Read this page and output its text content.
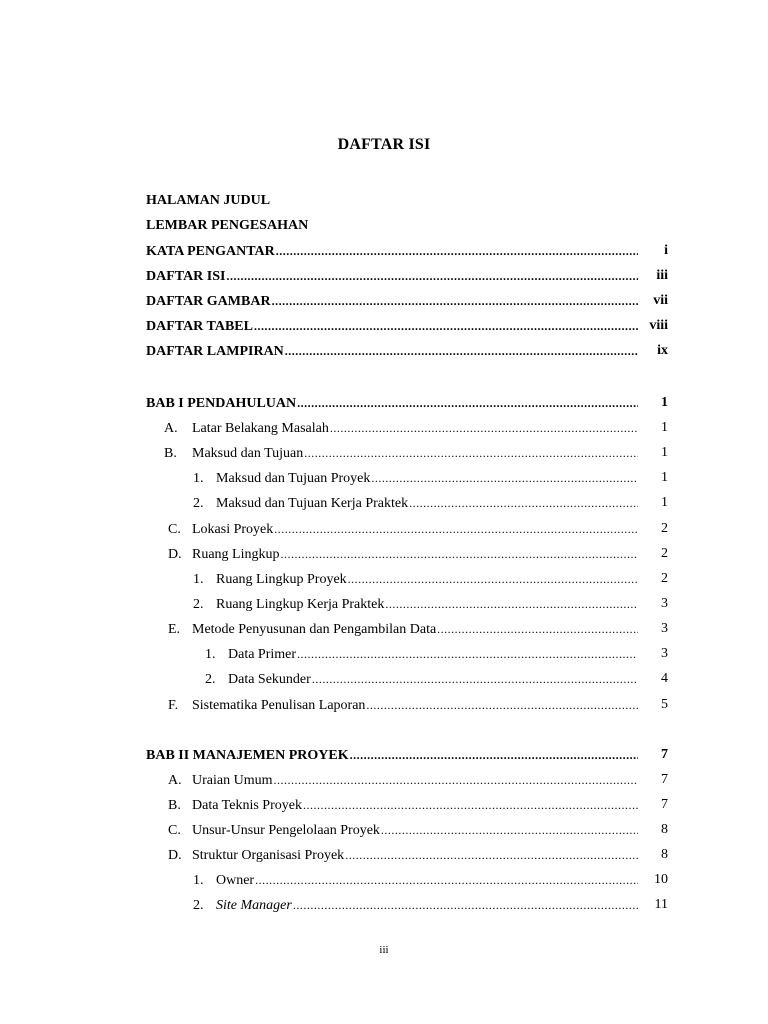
DAFTAR ISI
HALAMAN JUDUL
LEMBAR PENGESAHAN
KATA PENGANTAR .....	i
DAFTAR ISI .....	iii
DAFTAR GAMBAR .....	vii
DAFTAR TABEL .....	viii
DAFTAR LAMPIRAN .....	ix
BAB I PENDAHULUAN .....	1
A.	Latar Belakang Masalah .....	1
B.	Maksud dan Tujuan .....	1
1. Maksud dan Tujuan Proyek .....	1
2. Maksud dan Tujuan Kerja Praktek .....	1
C. Lokasi Proyek .....	2
D. Ruang Lingkup .....	2
1. Ruang Lingkup Proyek .....	2
2. Ruang Lingkup Kerja Praktek .....	3
E. Metode Penyusunan dan Pengambilan Data .....	3
1. Data Primer .....	3
2. Data Sekunder .....	4
F. Sistematika Penulisan Laporan .....	5
BAB II MANAJEMEN PROYEK .....	7
A. Uraian Umum .....	7
B. Data Teknis Proyek .....	7
C. Unsur-Unsur Pengelolaan Proyek .....	8
D. Struktur Organisasi Proyek .....	8
1. Owner .....	10
2. Site Manager .....	11
iii
